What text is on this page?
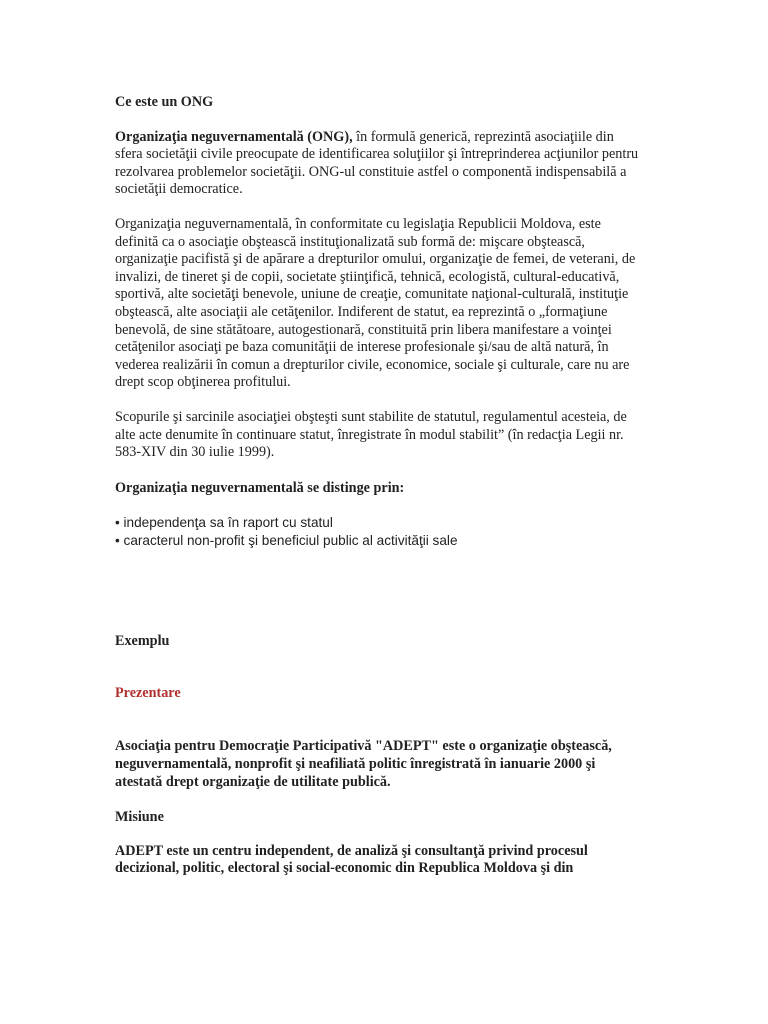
Ce este un ONG

Organizaţia neguvernamentală (ONG), în formulă generică, reprezintă asociaţiile din sfera societăţii civile preocupate de identificarea soluţiilor şi întreprinderea acţiunilor pentru rezolvarea problemelor societăţii. ONG-ul constituie astfel o componentă indispensabilă a societăţii democratice.

Organizaţia neguvernamentală, în conformitate cu legislaţia Republicii Moldova, este definită ca o asociaţie obştească instituţionalizată sub formă de: mişcare obştească, organizaţie pacifistă şi de apărare a drepturilor omului, organizaţie de femei, de veterani, de invalizi, de tineret şi de copii, societate ştiinţifică, tehnică, ecologistă, cultural-educativă, sportivă, alte societăţi benevole, uniune de creaţie, comunitate naţional-culturală, instituţie obştească, alte asociaţii ale cetăţenilor. Indiferent de statut, ea reprezintă o „formaţiune benevolă, de sine stătătoare, autogestionară, constituită prin libera manifestare a voinţei cetăţenilor asociaţi pe baza comunităţii de interese profesionale şi/sau de altă natură, în vederea realizării în comun a drepturilor civile, economice, sociale şi culturale, care nu are drept scop obţinerea profitului.

Scopurile şi sarcinile asociaţiei obşteşti sunt stabilite de statutul, regulamentul acesteia, de alte acte denumite în continuare statut, înregistrate în modul stabilit” (în redacţia Legii nr. 583-XIV din 30 iulie 1999).

Organizaţia neguvernamentală se distinge prin:

• independenţa sa în raport cu statul

• caracterul non-profit şi beneficiul public al activităţii sale

Exemplu

Prezentare

Asociaţia pentru Democraţie Participativă "ADEPT" este o organizaţie obştească, neguvernamentală, nonprofit şi neafiliată politic înregistrată în ianuarie 2000 şi atestată drept organizaţie de utilitate publică.

Misiune

ADEPT este un centru independent, de analiză şi consultanţă privind procesul decizional, politic, electoral şi social-economic din Republica Moldova şi din
